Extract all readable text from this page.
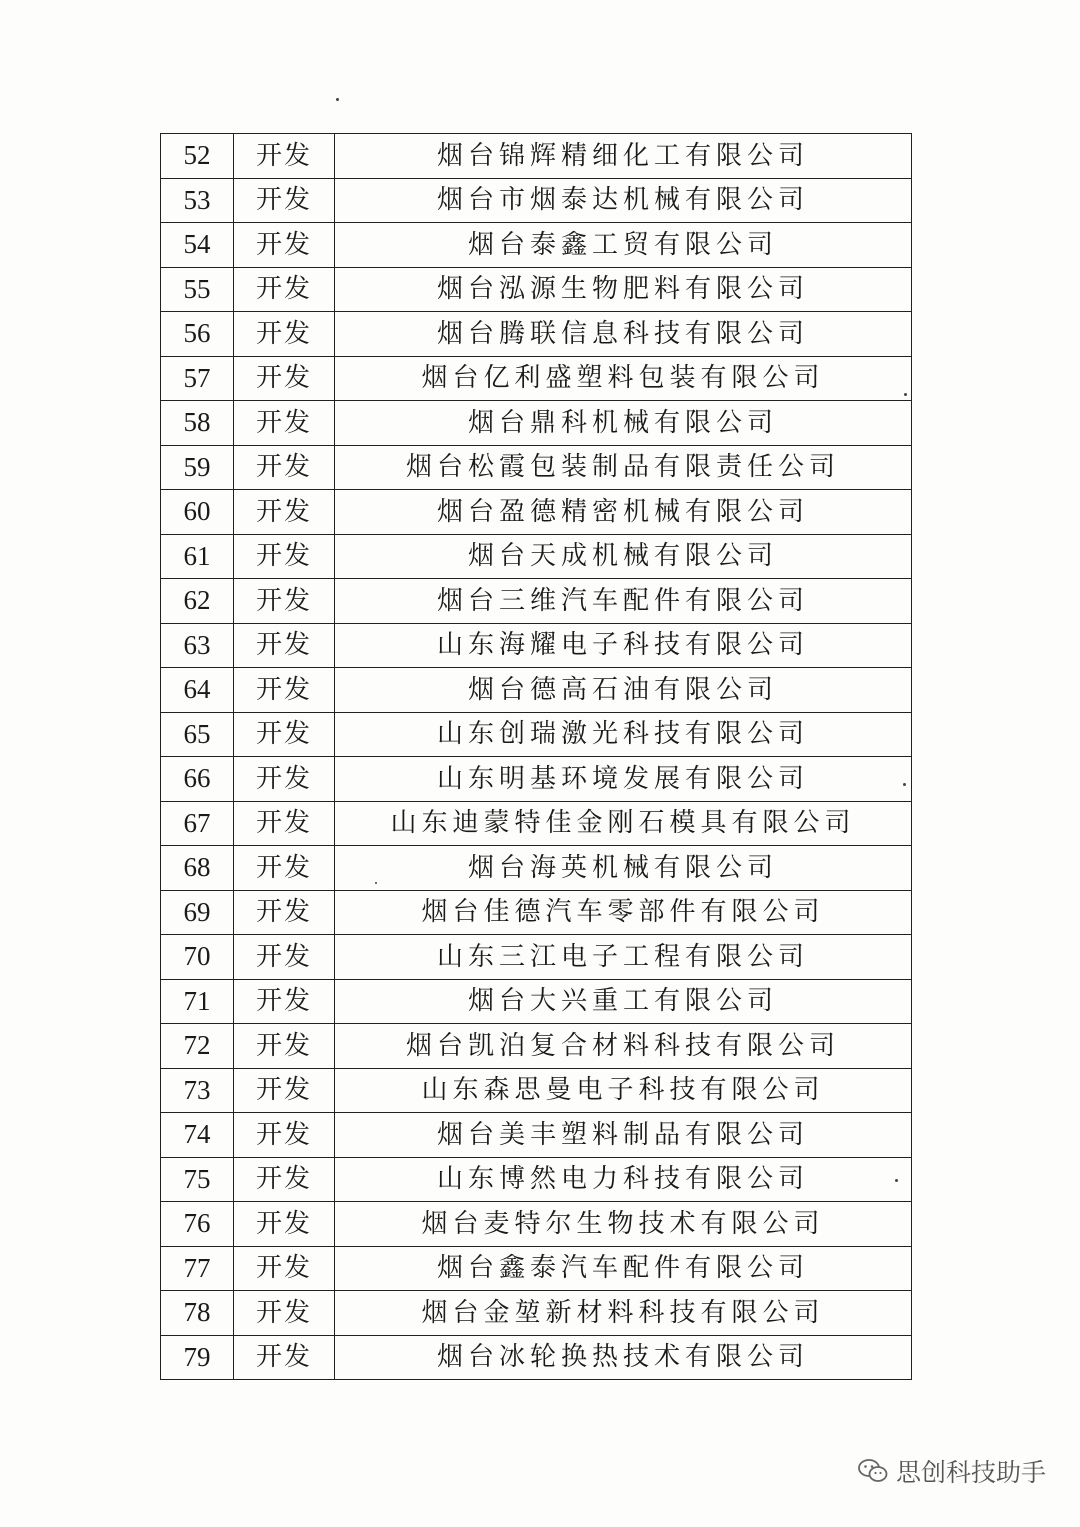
52	开发	烟台锦辉精细化工有限公司
53	开发	烟台市烟泰达机械有限公司
54	开发	烟台泰鑫工贸有限公司
55	开发	烟台泓源生物肥料有限公司
56	开发	烟台腾联信息科技有限公司
57	开发	烟台亿利盛塑料包装有限公司
58	开发	烟台鼎科机械有限公司
59	开发	烟台松霞包装制品有限责任公司
60	开发	烟台盈德精密机械有限公司
61	开发	烟台天成机械有限公司
62	开发	烟台三维汽车配件有限公司
63	开发	山东海耀电子科技有限公司
64	开发	烟台德高石油有限公司
65	开发	山东创瑞激光科技有限公司
66	开发	山东明基环境发展有限公司
67	开发	山东迪蒙特佳金刚石模具有限公司
68	开发	烟台海英机械有限公司
69	开发	烟台佳德汽车零部件有限公司
70	开发	山东三江电子工程有限公司
71	开发	烟台大兴重工有限公司
72	开发	烟台凯泊复合材料科技有限公司
73	开发	山东森思曼电子科技有限公司
74	开发	烟台美丰塑料制品有限公司
75	开发	山东博然电力科技有限公司
76	开发	烟台麦特尔生物技术有限公司
77	开发	烟台鑫泰汽车配件有限公司
78	开发	烟台金堃新材料科技有限公司
79	开发	烟台冰轮换热技术有限公司
思创科技助手
